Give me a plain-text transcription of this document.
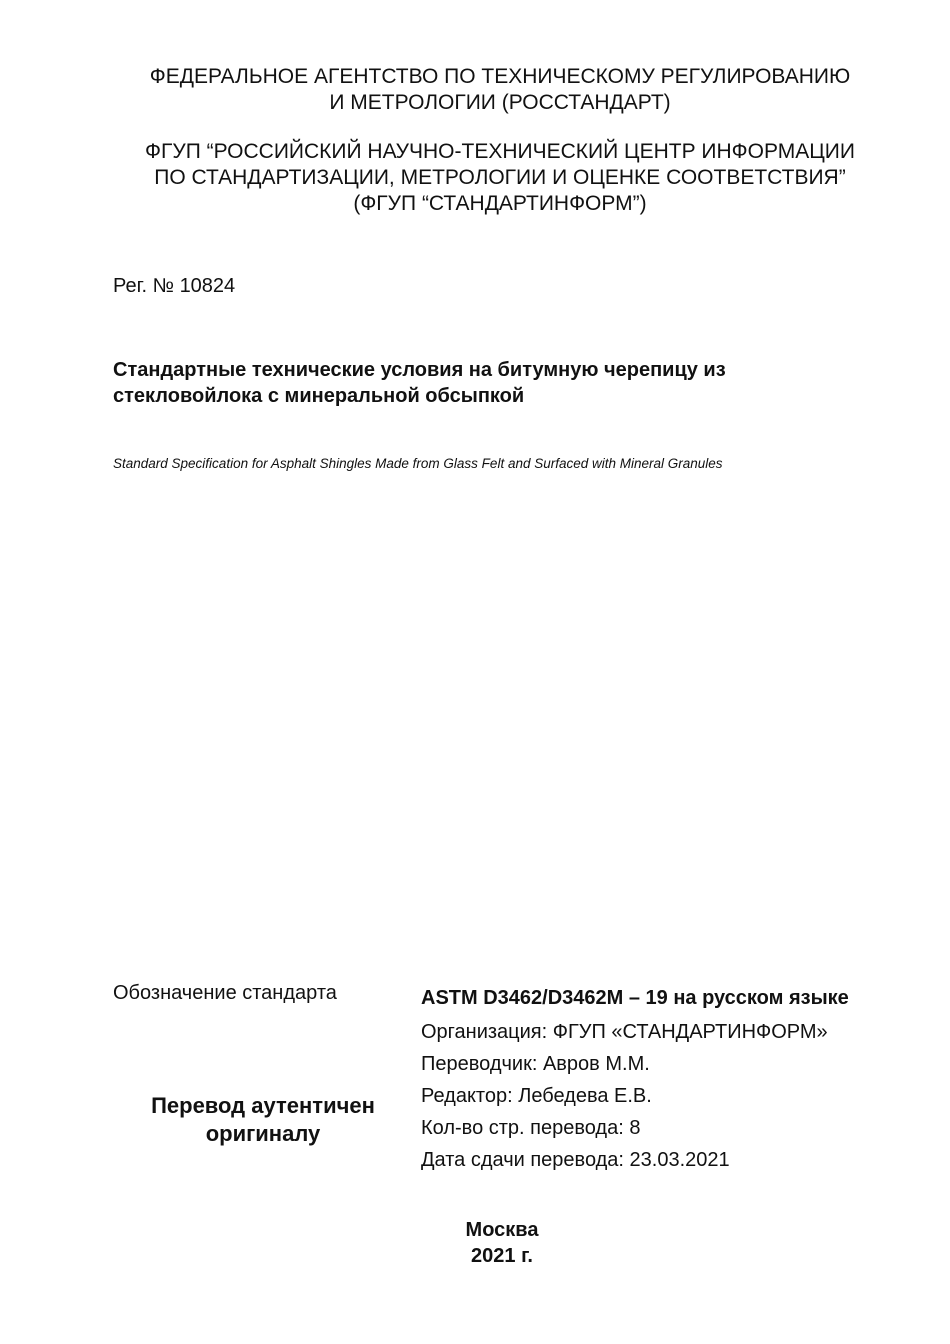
ФЕДЕРАЛЬНОЕ АГЕНТСТВО ПО ТЕХНИЧЕСКОМУ РЕГУЛИРОВАНИЮ
И МЕТРОЛОГИИ (РОССТАНДАРТ)
ФГУП “РОССИЙСКИЙ НАУЧНО-ТЕХНИЧЕСКИЙ ЦЕНТР ИНФОРМАЦИИ
ПО СТАНДАРТИЗАЦИИ, МЕТРОЛОГИИ И ОЦЕНКЕ СООТВЕТСТВИЯ”
(ФГУП “СТАНДАРТИНФОРМ”)
Рег. № 10824
Стандартные технические условия на битумную черепицу из стекловойлока с минеральной обсыпкой
Standard Specification for Asphalt Shingles Made from Glass Felt and Surfaced with Mineral Granules
Обозначение стандарта
Перевод аутентичен
оригиналу
ASTM D3462/D3462M – 19 на русском языке
Организация: ФГУП «СТАНДАРТИНФОРМ»
Переводчик: Авров М.М.
Редактор: Лебедева Е.В.
Кол-во стр. перевода: 8
Дата сдачи перевода: 23.03.2021
Москва
2021 г.
